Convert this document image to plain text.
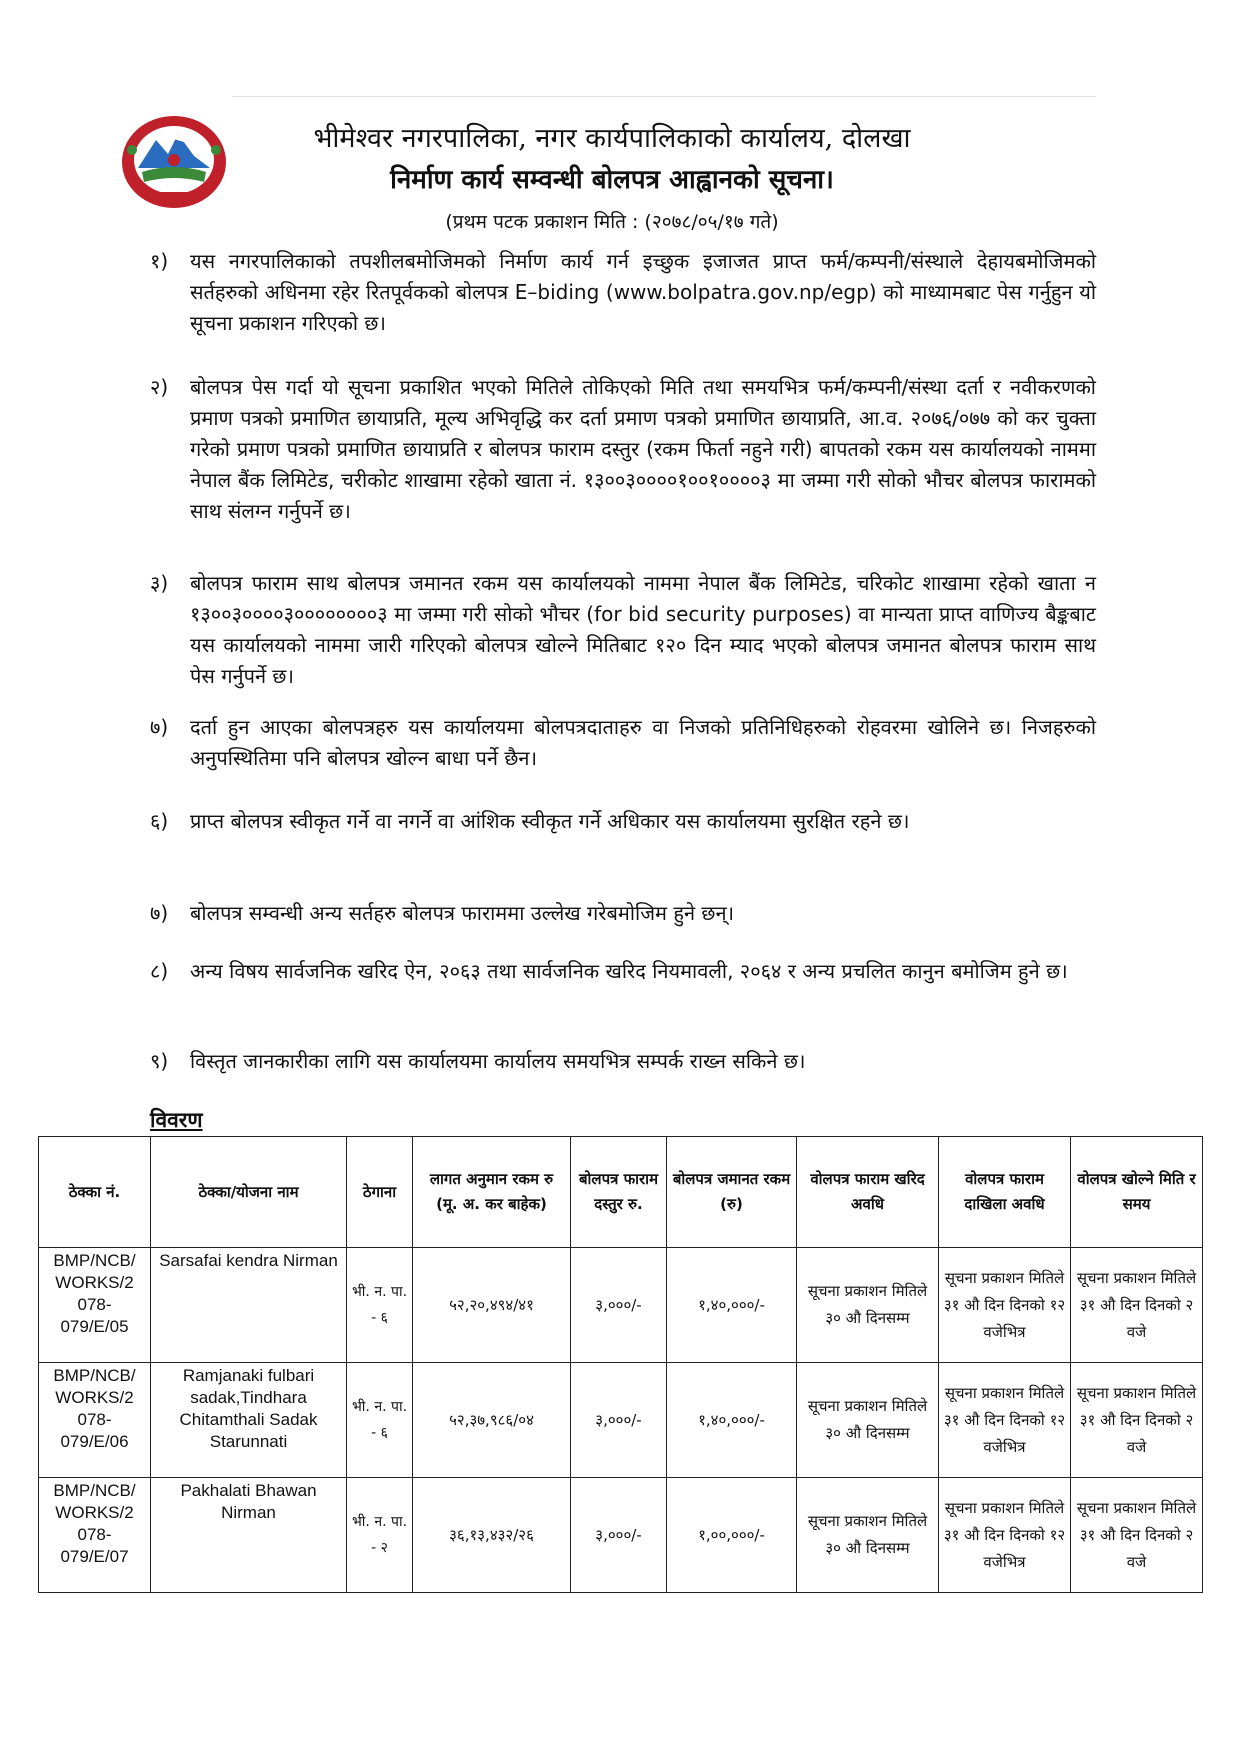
भीमेश्वर नगरपालिका, नगर कार्यपालिकाको कार्यालय, दोलखा
निर्माण कार्य सम्वन्धी बोलपत्र आह्वानको सूचना।
(प्रथम पटक प्रकाशन मिति : (२०७८/०५/१७ गते)
१) यस नगरपालिकाको तपशीलबमोजिमको निर्माण कार्य गर्न इच्छुक इजाजत प्राप्त फर्म/कम्पनी/संस्थाले देहायबमोजिमको सर्तहरुको अधिनमा रहेर रितपूर्वकको बोलपत्र E–biding (www.bolpatra.gov.np/egp) को माध्यामबाट पेस गर्नुहुन यो सूचना प्रकाशन गरिएको छ।
२) बोलपत्र पेस गर्दा यो सूचना प्रकाशित भएको मितिले तोकिएको मिति तथा समयभित्र फर्म/कम्पनी/संस्था दर्ता र नवीकरणको प्रमाण पत्रको प्रमाणित छायाप्रति, मूल्य अभिवृद्धि कर दर्ता प्रमाण पत्रको प्रमाणित छायाप्रति, आ.व. २०७६/०७७ को कर चुक्ता गरेको प्रमाण पत्रको प्रमाणित छायाप्रति र बोलपत्र फाराम दस्तुर (रकम फिर्ता नहुने गरी) बापतको रकम यस कार्यालयको नाममा नेपाल बैंक लिमिटेड, चरीकोट शाखामा रहेको खाता नं. १३००३००००१००१००००३ मा जम्मा गरी सोको भौचर बोलपत्र फारामको साथ संलग्न गर्नुपर्ने छ।
३) बोलपत्र फाराम साथ बोलपत्र जमानत रकम यस कार्यालयको नाममा नेपाल बैंक लिमिटेड, चरिकोट शाखामा रहेको खाता न १३००३००००३००००००००३ मा जम्मा गरी सोको भौचर (for bid security purposes) वा मान्यता प्राप्त वाणिज्य बैङ्कबाट यस कार्यालयको नाममा जारी गरिएको बोलपत्र खोल्ने मितिबाट १२० दिन म्याद भएको बोलपत्र जमानत बोलपत्र फाराम साथ पेस गर्नुपर्ने छ।
७) दर्ता हुन आएका बोलपत्रहरु यस कार्यालयमा बोलपत्रदाताहरु वा निजको प्रतिनिधिहरुको रोहवरमा खोलिने छ। निजहरुको अनुपस्थितिमा पनि बोलपत्र खोल्न बाधा पर्ने छैन।
६) प्राप्त बोलपत्र स्वीकृत गर्ने वा नगर्ने वा आंशिक स्वीकृत गर्ने अधिकार यस कार्यालयमा सुरक्षित रहने छ।
७) बोलपत्र सम्वन्धी अन्य सर्तहरु बोलपत्र फाराममा उल्लेख गरेबमोजिम हुने छन्।
८) अन्य विषय सार्वजनिक खरिद ऐन, २०६३ तथा सार्वजनिक खरिद नियमावली, २०६४ र अन्य प्रचलित कानुन बमोजिम हुने छ।
९) विस्तृत जानकारीका लागि यस कार्यालयमा कार्यालय समयभित्र सम्पर्क राख्न सकिने छ।
विवरण
ठेक्का नं.	ठेक्का/योजना नाम	ठेगाना	लागत अनुमान रकम रु (मू. अ. कर बाहेक)	बोलपत्र फाराम दस्तुर रु.	बोलपत्र जमानत रकम (रु)	वोलपत्र फाराम खरिद अवधि	वोलपत्र फाराम दाखिला अवधि	वोलपत्र खोल्ने मिति र समय
BMP/NCB/ WORKS/2 078- 079/E/05	Sarsafai kendra Nirman	भी. न. पा. - ६	५२,२०,४९४/४१	३,०००/-	१,४०,०००/-	सूचना प्रकाशन मितिले ३० औ दिनसम्म	सूचना प्रकाशन मितिले ३१ औ दिन दिनको १२ वजेभित्र	सूचना प्रकाशन मितिले ३१ औ दिन दिनको २ वजे
BMP/NCB/ WORKS/2 078- 079/E/06	Ramjanaki fulbari sadak,Tindhara Chitamthali Sadak Starunnati	भी. न. पा. - ६	५२,३७,९८६/०४	३,०००/-	१,४०,०००/-	सूचना प्रकाशन मितिले ३० औ दिनसम्म	सूचना प्रकाशन मितिले ३१ औ दिन दिनको १२ वजेभित्र	सूचना प्रकाशन मितिले ३१ औ दिन दिनको २ वजे
BMP/NCB/ WORKS/2 078- 079/E/07	Pakhalati Bhawan Nirman	भी. न. पा. - २	३६,१३,४३२/२६	३,०००/-	१,००,०००/-	सूचना प्रकाशन मितिले ३० औ दिनसम्म	सूचना प्रकाशन मितिले ३१ औ दिन दिनको १२ वजेभित्र	सूचना प्रकाशन मितिले ३१ औ दिन दिनको २ वजे
